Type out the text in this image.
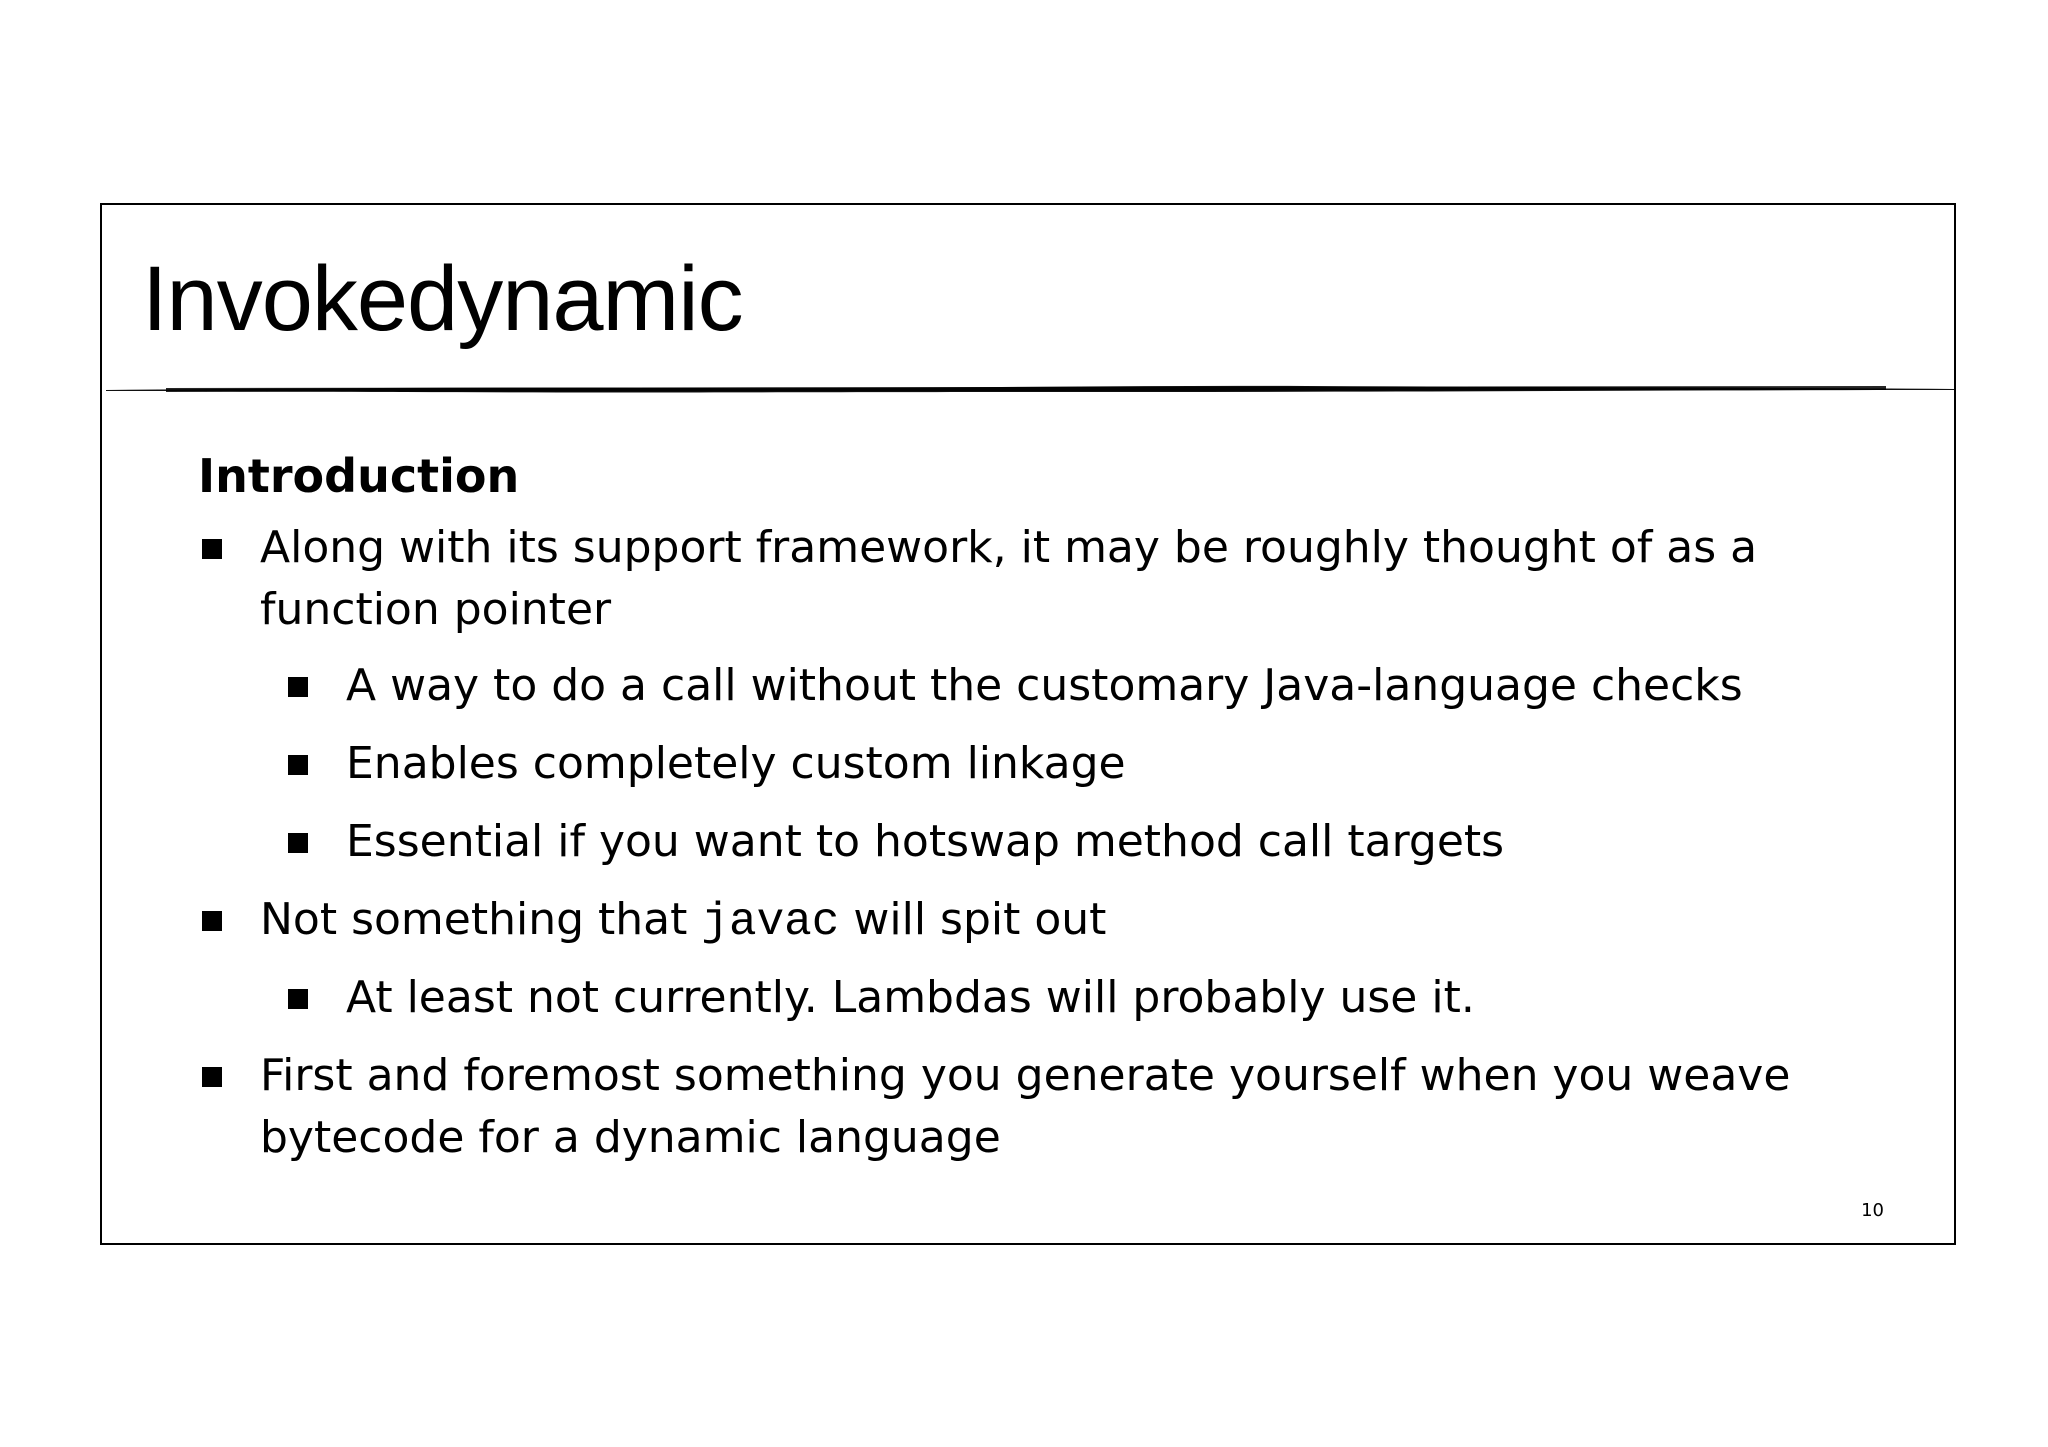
Invokedynamic
Introduction
Along with its support framework, it may be roughly thought of as a function pointer
A way to do a call without the customary Java-language checks
Enables completely custom linkage
Essential if you want to hotswap method call targets
Not something that javac will spit out
At least not currently. Lambdas will probably use it.
First and foremost something you generate yourself when you weave bytecode for a dynamic language
10
